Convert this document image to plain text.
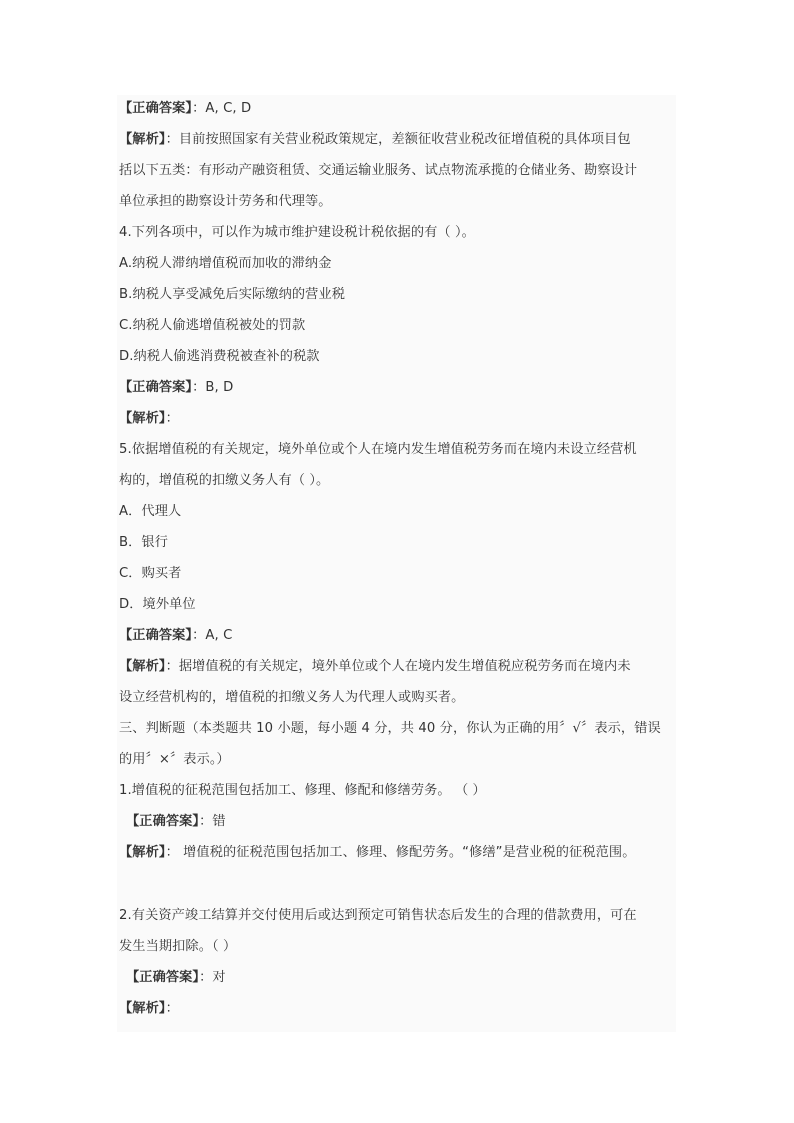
【正确答案】：A, C, D
【解析】：目前按照国家有关营业税政策规定，差额征收营业税改征增值税的具体项目包
括以下五类：有形动产融资租赁、交通运输业服务、试点物流承揽的仓储业务、勘察设计
单位承担的勘察设计劳务和代理等。
4.下列各项中，可以作为城市维护建设税计税依据的有（ ）。
A.纳税人滞纳增值税而加收的滞纳金
B.纳税人享受减免后实际缴纳的营业税
C.纳税人偷逃增值税被处的罚款
D.纳税人偷逃消费税被查补的税款
【正确答案】：B, D
【解析】：
5.依据增值税的有关规定，境外单位或个人在境内发生增值税劳务而在境内未设立经营机
构的，增值税的扣缴义务人有（ ）。
A．代理人
B．银行
C．购买者
D．境外单位
【正确答案】：A, C
【解析】：据增值税的有关规定，境外单位或个人在境内发生增值税应税劳务而在境内未
设立经营机构的，增值税的扣缴义务人为代理人或购买者。
三、判断题（本类题共 10 小题，每小题 4 分，共 40 分，你认为正确的用〞√〞表示，错误
的用〞×〞表示。）
1.增值税的征税范围包括加工、修理、修配和修缮劳务。 （ ）
【正确答案】：错
【解析】： 增值税的征税范围包括加工、修理、修配劳务。“修缮”是营业税的征税范围。
2.有关资产竣工结算并交付使用后或达到预定可销售状态后发生的合理的借款费用，可在
发生当期扣除。（ ）
【正确答案】：对
【解析】：
